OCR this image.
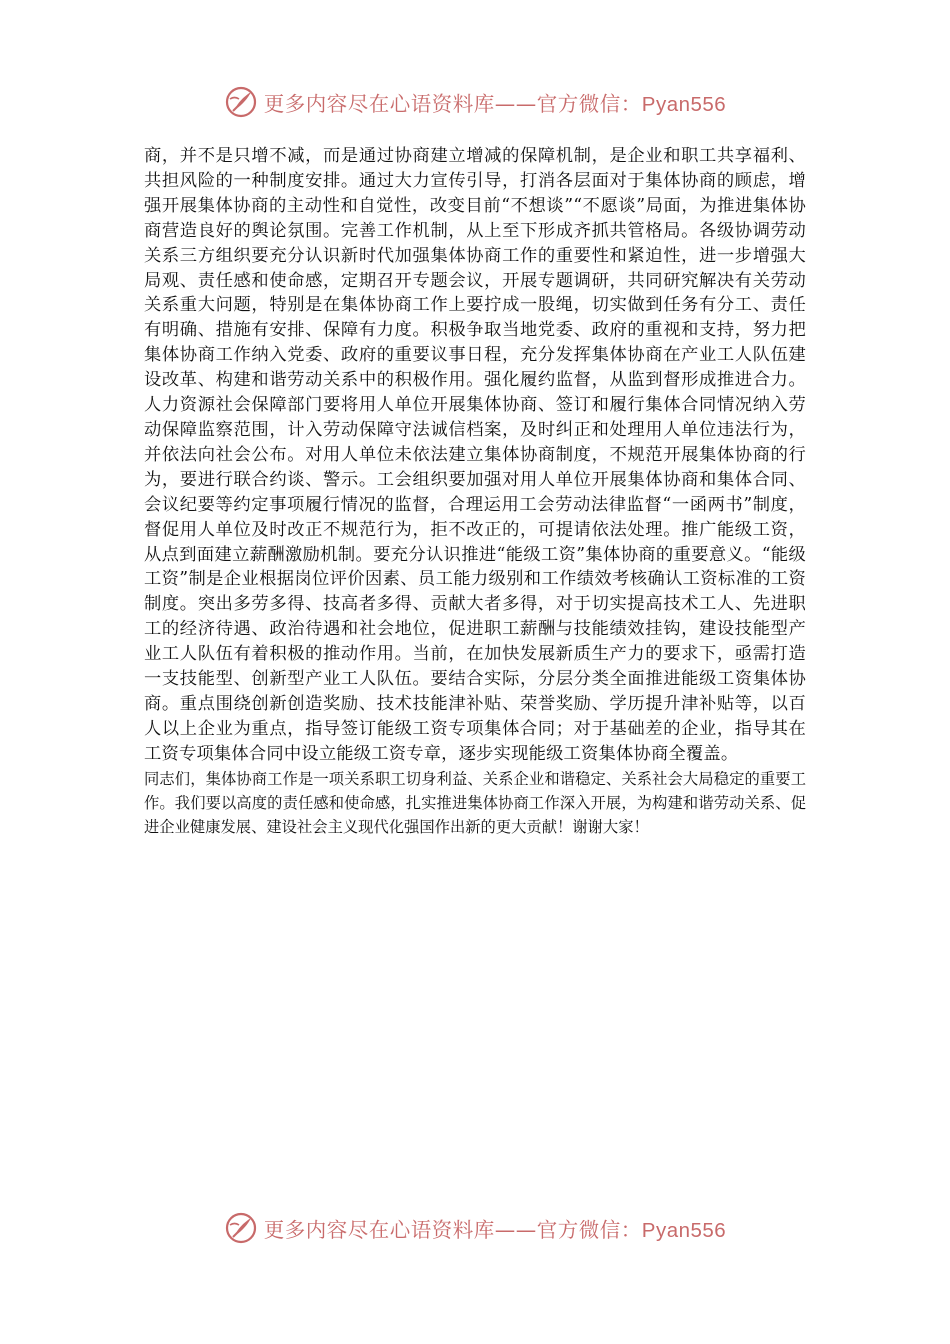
更多内容尽在心语资料库——官方微信：Pyan556

商，并不是只增不减，而是通过协商建立增减的保障机制，是企业和职工共享福利、共担风险的一种制度安排。通过大力宣传引导，打消各层面对于集体协商的顾虑，增强开展集体协商的主动性和自觉性，改变目前“不想谈”“不愿谈”局面，为推进集体协商营造良好的舆论氛围。完善工作机制，从上至下形成齐抓共管格局。各级协调劳动关系三方组织要充分认识新时代加强集体协商工作的重要性和紧迫性，进一步增强大局观、责任感和使命感，定期召开专题会议，开展专题调研，共同研究解决有关劳动关系重大问题，特别是在集体协商工作上要拧成一股绳，切实做到任务有分工、责任有明确、措施有安排、保障有力度。积极争取当地党委、政府的重视和支持，努力把集体协商工作纳入党委、政府的重要议事日程，充分发挥集体协商在产业工人队伍建设改革、构建和谐劳动关系中的积极作用。强化履约监督，从监到督形成推进合力。人力资源社会保障部门要将用人单位开展集体协商、签订和履行集体合同情况纳入劳动保障监察范围，计入劳动保障守法诚信档案，及时纠正和处理用人单位违法行为，并依法向社会公布。对用人单位未依法建立集体协商制度，不规范开展集体协商的行为，要进行联合约谈、警示。工会组织要加强对用人单位开展集体协商和集体合同、会议纪要等约定事项履行情况的监督，合理运用工会劳动法律监督“一函两书”制度，督促用人单位及时改正不规范行为，拒不改正的，可提请依法处理。推广能级工资，从点到面建立薪酬激励机制。要充分认识推进“能级工资”集体协商的重要意义。“能级工资”制是企业根据岗位评价因素、员工能力级别和工作绩效考核确认工资标准的工资制度。突出多劳多得、技高者多得、贡献大者多得，对于切实提高技术工人、先进职工的经济待遇、政治待遇和社会地位，促进职工薪酬与技能绩效挂钩，建设技能型产业工人队伍有着积极的推动作用。当前，在加快发展新质生产力的要求下，亟需打造一支技能型、创新型产业工人队伍。要结合实际，分层分类全面推进能级工资集体协商。重点围绕创新创造奖励、技术技能津补贴、荣誉奖励、学历提升津补贴等，以百人以上企业为重点，指导签订能级工资专项集体合同；对于基础差的企业，指导其在工资专项集体合同中设立能级工资专章，逐步实现能级工资集体协商全覆盖。

同志们，集体协商工作是一项关系职工切身利益、关系企业和谐稳定、关系社会大局稳定的重要工作。我们要以高度的责任感和使命感，扎实推进集体协商工作深入开展，为构建和谐劳动关系、促进企业健康发展、建设社会主义现代化强国作出新的更大贡献！谢谢大家！

更多内容尽在心语资料库——官方微信：Pyan556
